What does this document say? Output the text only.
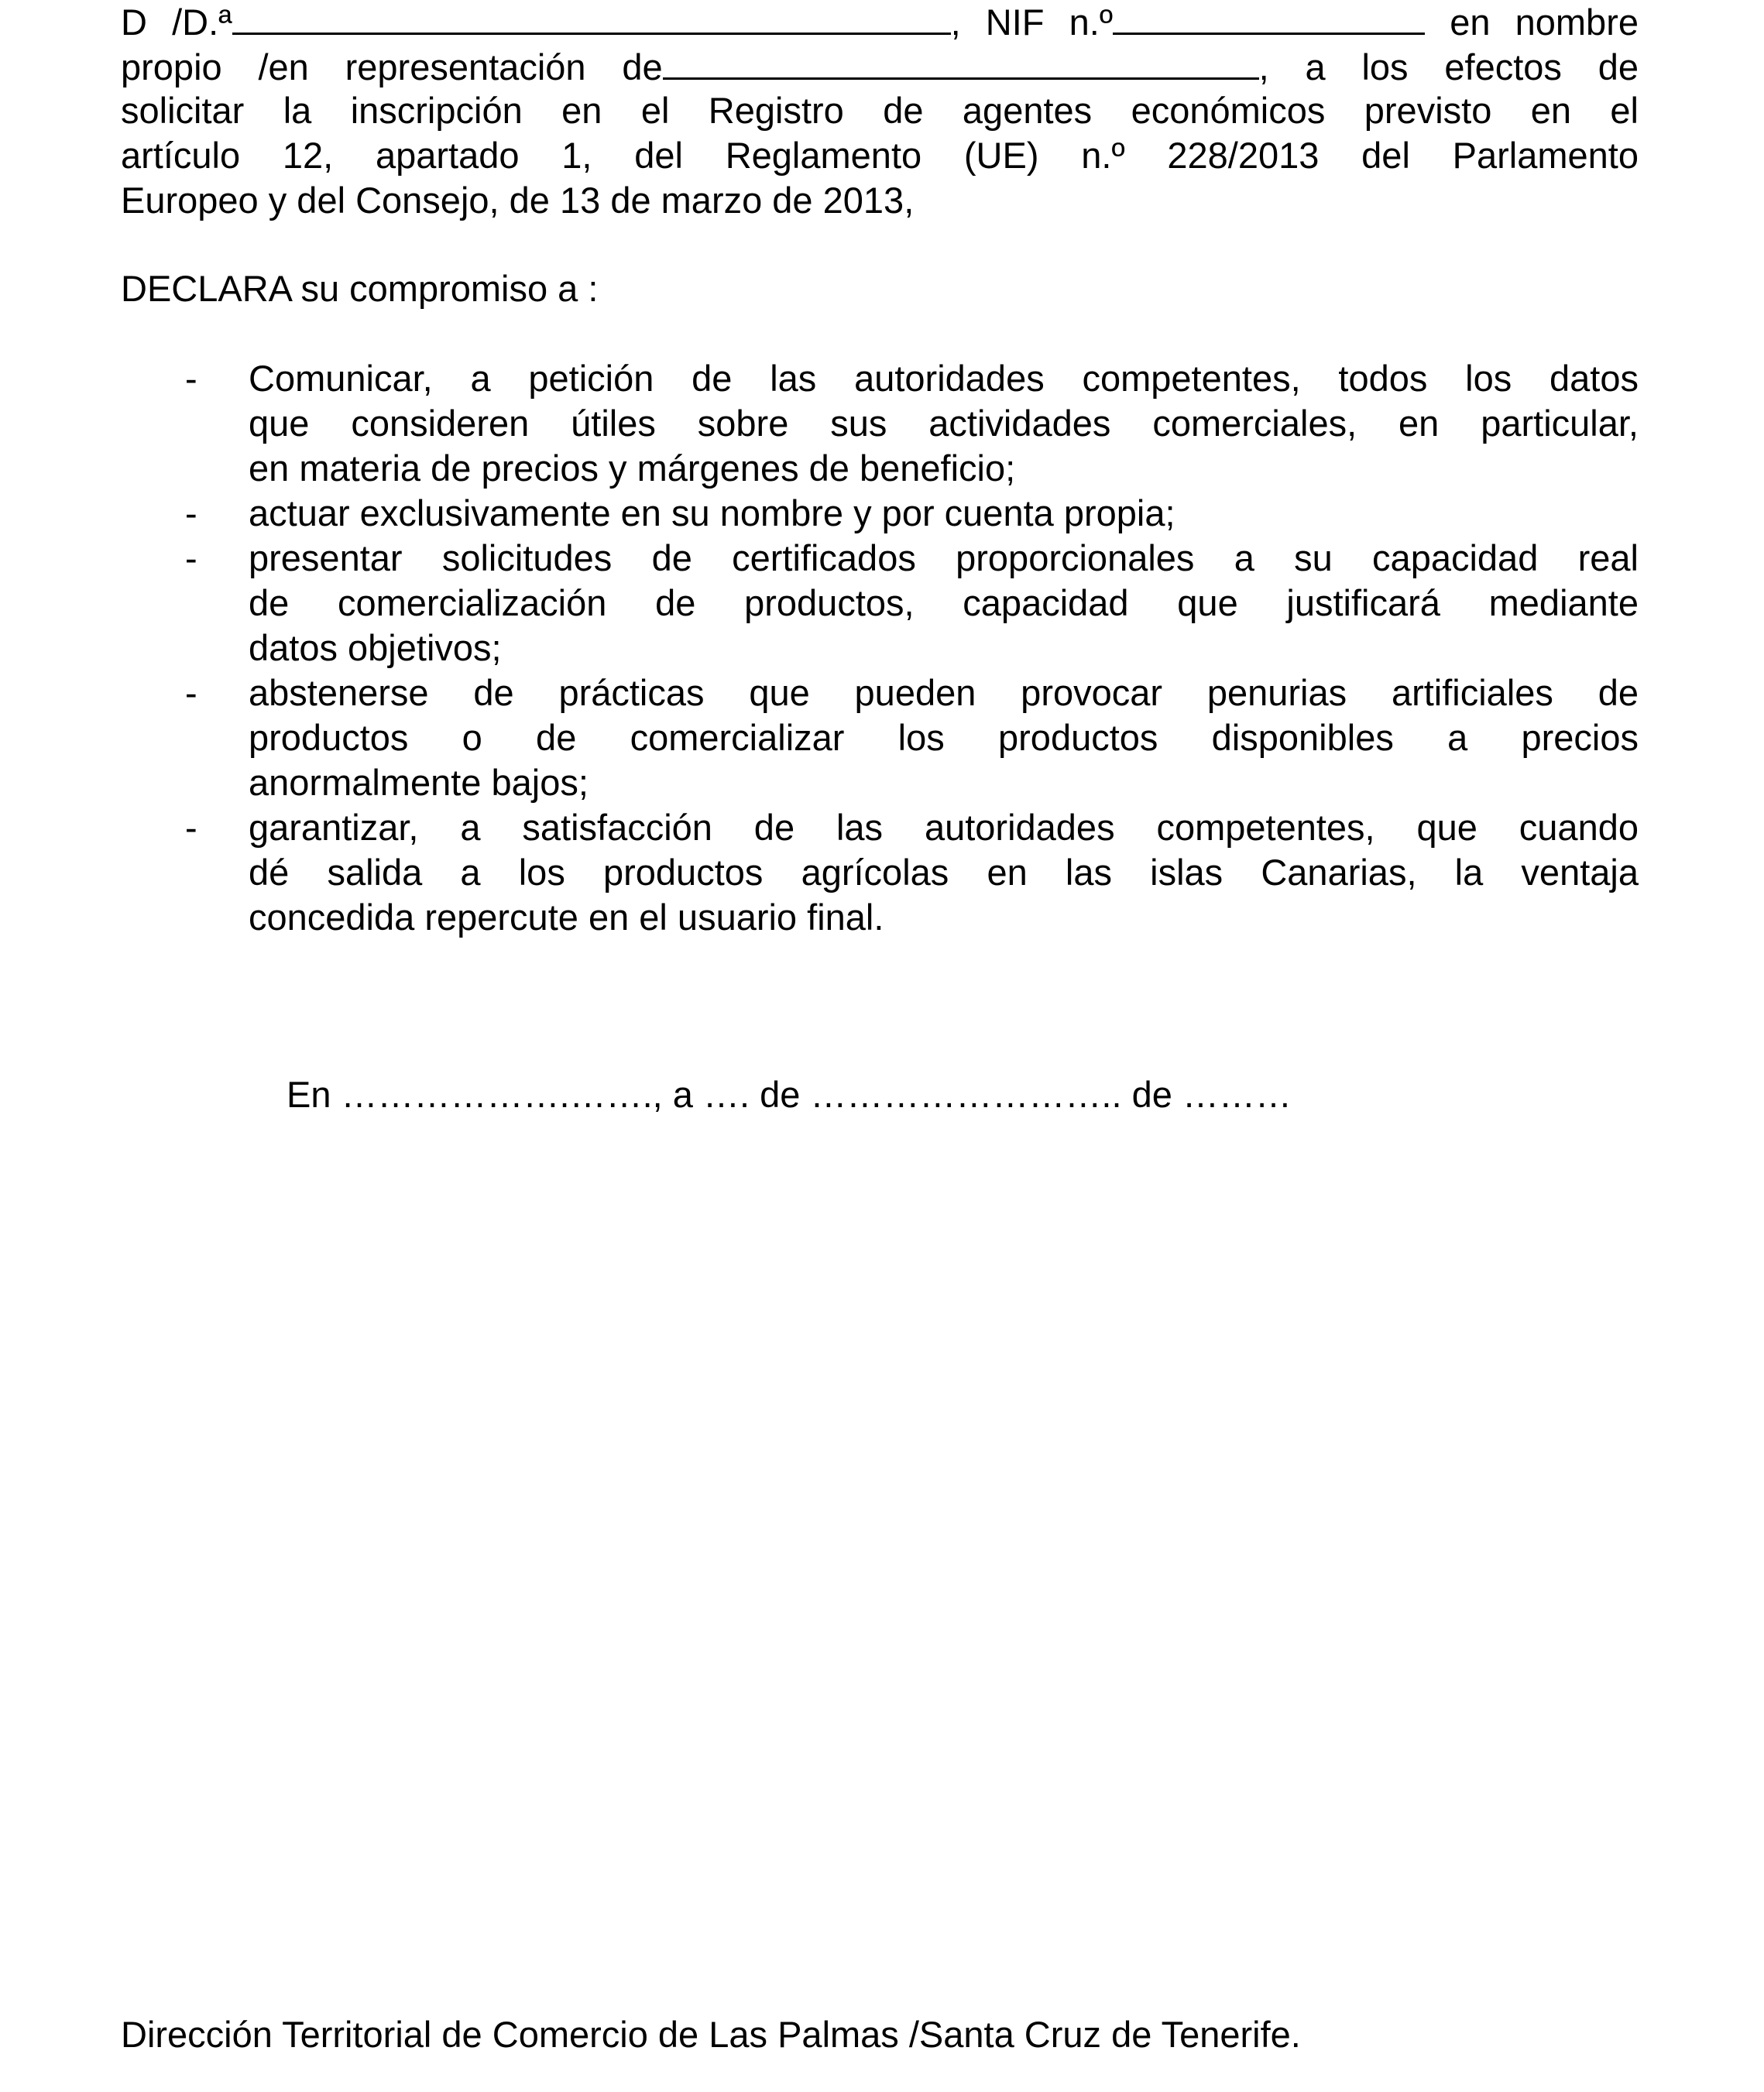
D /D.ª	, NIF n.º	en nombre
propio /en representación de	, a los efectos de
solicitar la inscripción en el Registro de agentes económicos previsto en el
artículo 12, apartado 1, del Reglamento (UE) n.º 228/2013 del Parlamento
Europeo y del Consejo, de 13 de marzo de 2013,
DECLARA su compromiso a :
- Comunicar, a petición de las autoridades competentes, todos los datos
que consideren útiles sobre sus actividades comerciales, en particular,
en materia de precios y márgenes de beneficio;
- actuar exclusivamente en su nombre y por cuenta propia;
- presentar solicitudes de certificados proporcionales a su capacidad real
de comercialización de productos, capacidad que justificará mediante
datos objetivos;
- abstenerse de prácticas que pueden provocar penurias artificiales de
productos o de comercializar los productos disponibles a precios
anormalmente bajos;
- garantizar, a satisfacción de las autoridades competentes, que cuando
dé salida a los productos agrícolas en las islas Canarias, la ventaja
concedida repercute en el usuario final.
En ……………….……., a …. de …………………….. de ………
Dirección Territorial de Comercio de Las Palmas /Santa Cruz de Tenerife.
